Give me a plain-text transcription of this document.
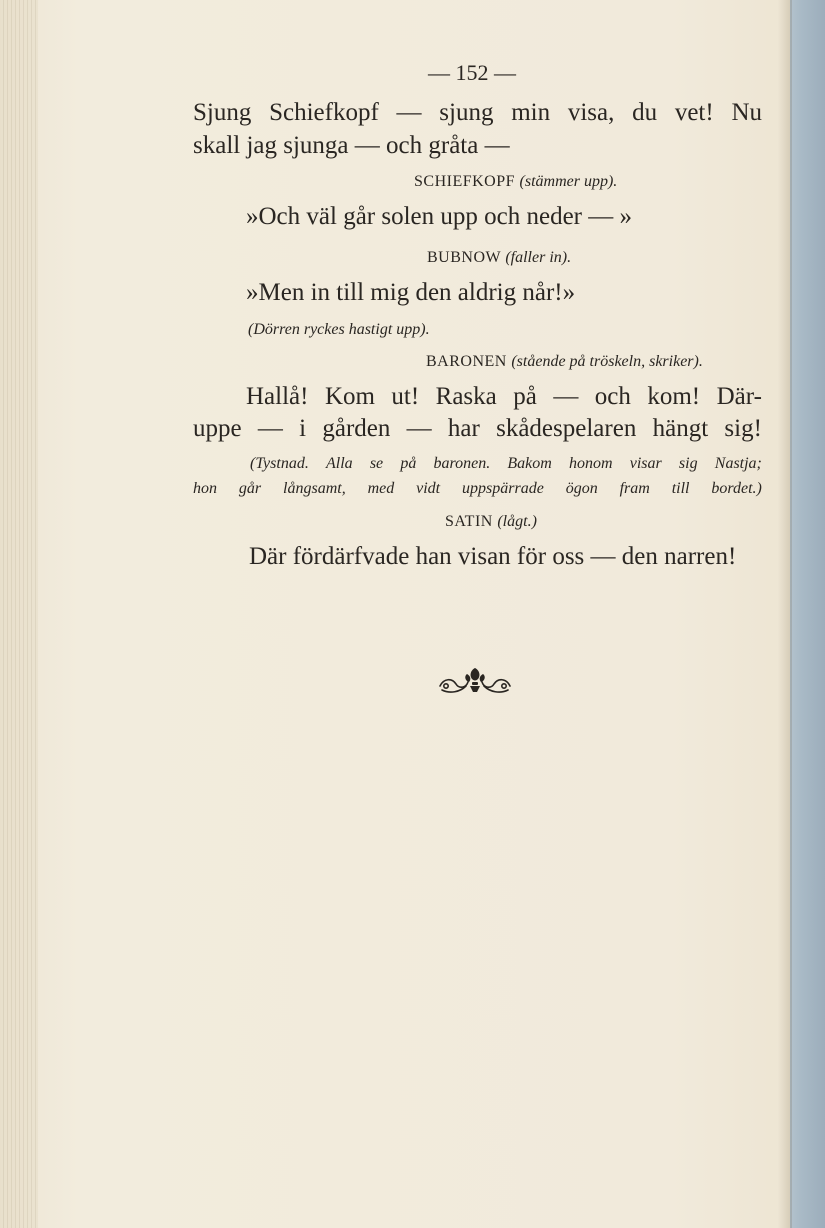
— 152 —
Sjung Schiefkopf — sjung min visa, du vet! Nu
skall jag sjunga — och gråta —
SCHIEFKOPF (stämmer upp).
»Och väl går solen upp och neder — »
BUBNOW (faller in).
»Men in till mig den aldrig når!»
(Dörren ryckes hastigt upp).
BARONEN (stående på tröskeln, skriker).
Hallå! Kom ut! Raska på — och kom! Där-
uppe — i gården — har skådespelaren hängt sig!
(Tystnad. Alla se på baronen. Bakom honom visar sig Nastja;
hon går långsamt, med vidt uppspärrade ögon fram till bordet.)
SATIN (lågt.)
Där fördärfvade han visan för oss — den narren!
